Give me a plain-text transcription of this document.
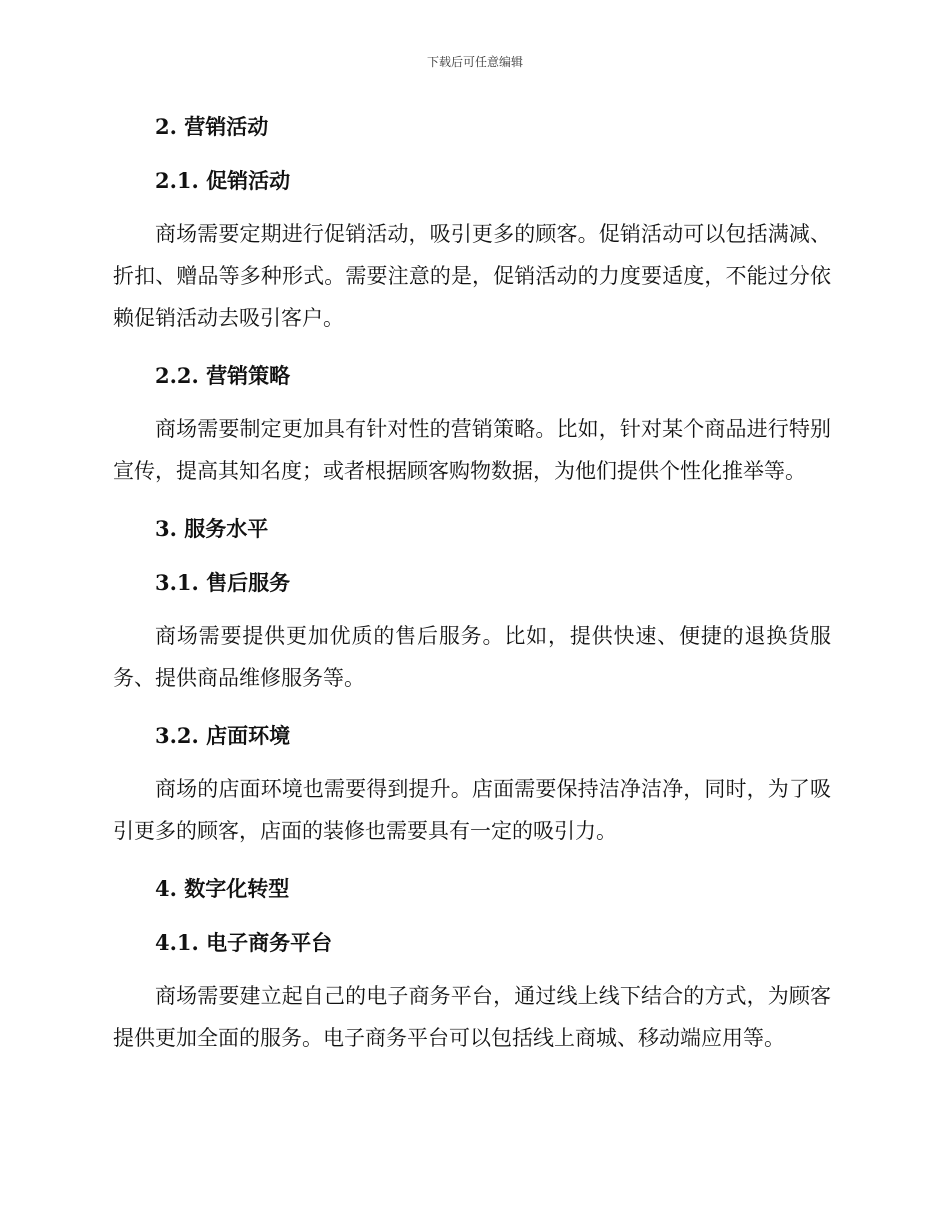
下载后可任意编辑
2. 营销活动
2.1. 促销活动

商场需要定期进行促销活动，吸引更多的顾客。促销活动可以包括满减、折扣、赠品等多种形式。需要注意的是，促销活动的力度要适度，不能过分依赖促销活动去吸引客户。

2.2. 营销策略

商场需要制定更加具有针对性的营销策略。比如，针对某个商品进行特别宣传，提高其知名度；或者根据顾客购物数据，为他们提供个性化推举等。

3. 服务水平
3.1. 售后服务

商场需要提供更加优质的售后服务。比如，提供快速、便捷的退换货服务、提供商品维修服务等。

3.2. 店面环境

商场的店面环境也需要得到提升。店面需要保持洁净洁净，同时，为了吸引更多的顾客，店面的装修也需要具有一定的吸引力。

4. 数字化转型
4.1. 电子商务平台

商场需要建立起自己的电子商务平台，通过线上线下结合的方式，为顾客提供更加全面的服务。电子商务平台可以包括线上商城、移动端应用等。
